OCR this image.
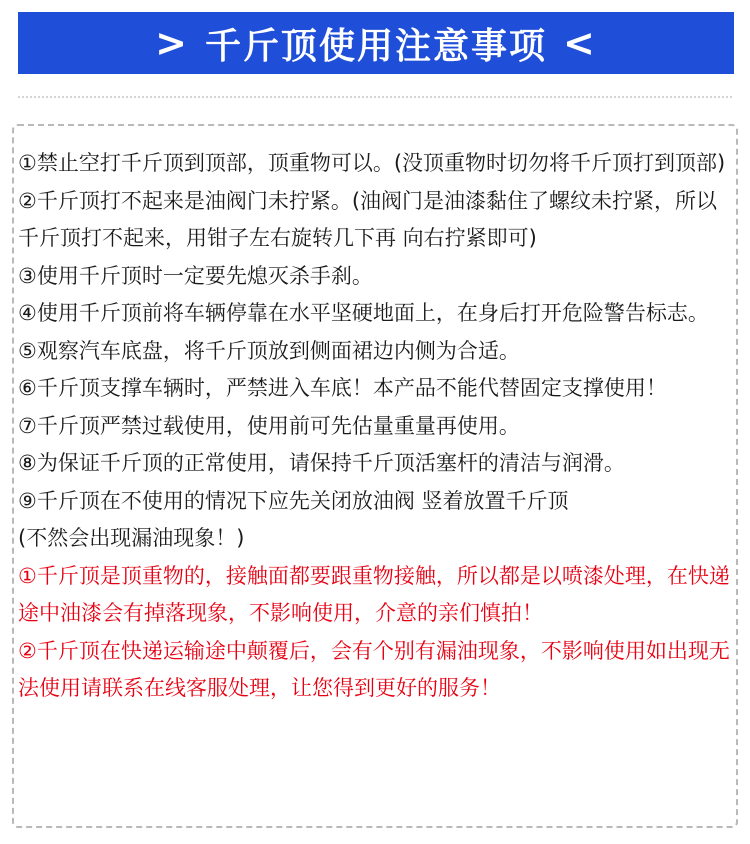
> 千斤顶使用注意事项 <

①禁止空打千斤顶到顶部，顶重物可以。(没顶重物时切勿将千斤顶打到顶部)

②千斤顶打不起来是油阀门未拧紧。(油阀门是油漆黏住了螺纹未拧紧，所以千斤顶打不起来，用钳子左右旋转几下再 向右拧紧即可)

③使用千斤顶时一定要先熄灭杀手刹。

④使用千斤顶前将车辆停靠在水平坚硬地面上，在身后打开危险警告标志。

⑤观察汽车底盘，将千斤顶放到侧面裙边内侧为合适。

⑥千斤顶支撑车辆时，严禁进入车底！本产品不能代替固定支撑使用！

⑦千斤顶严禁过载使用，使用前可先估量重量再使用。

⑧为保证千斤顶的正常使用，请保持千斤顶活塞杆的清洁与润滑。

⑨千斤顶在不使用的情况下应先关闭放油阀 竖着放置千斤顶

(不然会出现漏油现象！)

①千斤顶是顶重物的，接触面都要跟重物接触，所以都是以喷漆处理，在快递途中油漆会有掉落现象，不影响使用，介意的亲们慎拍！

②千斤顶在快递运输途中颠覆后，会有个别有漏油现象，不影响使用如出现无法使用请联系在线客服处理，让您得到更好的服务！
